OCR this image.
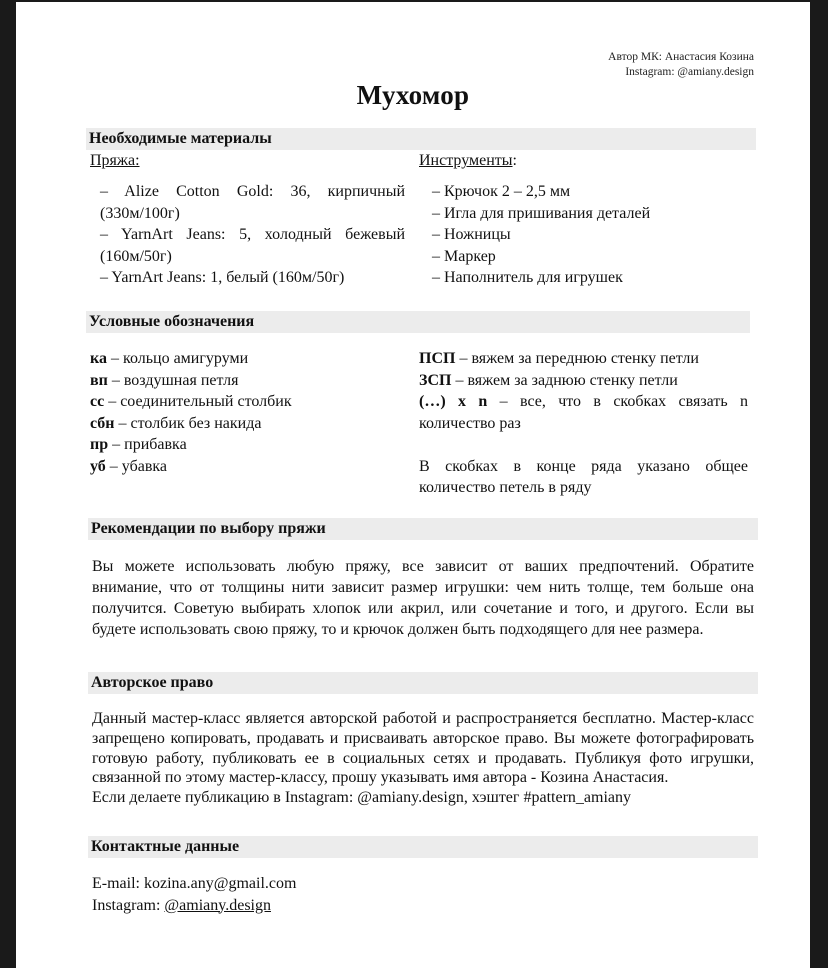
Автор МК: Анастасия Козина
Instagram: @amiany.design
Мухомор
Необходимые материалы
Пряжа:	Инструменты:
– Alize Cotton Gold: 36, кирпичный (330м/100г)
– YarnArt Jeans: 5, холодный бежевый (160м/50г)
– YarnArt Jeans: 1, белый (160м/50г)
– Крючок 2 – 2,5 мм
– Игла для пришивания деталей
– Ножницы
– Маркер
– Наполнитель для игрушек
Условные обозначения
ка – кольцо амигуруми
вп – воздушная петля
сс – соединительный столбик
сбн – столбик без накида
пр – прибавка
уб – убавка
ПСП – вяжем за переднюю стенку петли
ЗСП – вяжем за заднюю стенку петли
(…) x n – все, что в скобках связать n количество раз
В скобках в конце ряда указано общее количество петель в ряду
Рекомендации по выбору пряжи

Вы можете использовать любую пряжу, все зависит от ваших предпочтений. Обратите внимание, что от толщины нити зависит размер игрушки: чем нить толще, тем больше она получится. Советую выбирать хлопок или акрил, или сочетание и того, и другого. Если вы будете использовать свою пряжу, то и крючок должен быть подходящего для нее размера.

Авторское право

Данный мастер-класс является авторской работой и распространяется бесплатно. Мастер-класс запрещено копировать, продавать и присваивать авторское право. Вы можете фотографировать готовую работу, публиковать ее в социальных сетях и продавать. Публикуя фото игрушки, связанной по этому мастер-классу, прошу указывать имя автора - Козина Анастасия.

Если делаете публикацию в Instagram: @amiany.design, хэштег #pattern_amiany

Контактные данные
E-mail: kozina.any@gmail.com
Instagram: @amiany.design
